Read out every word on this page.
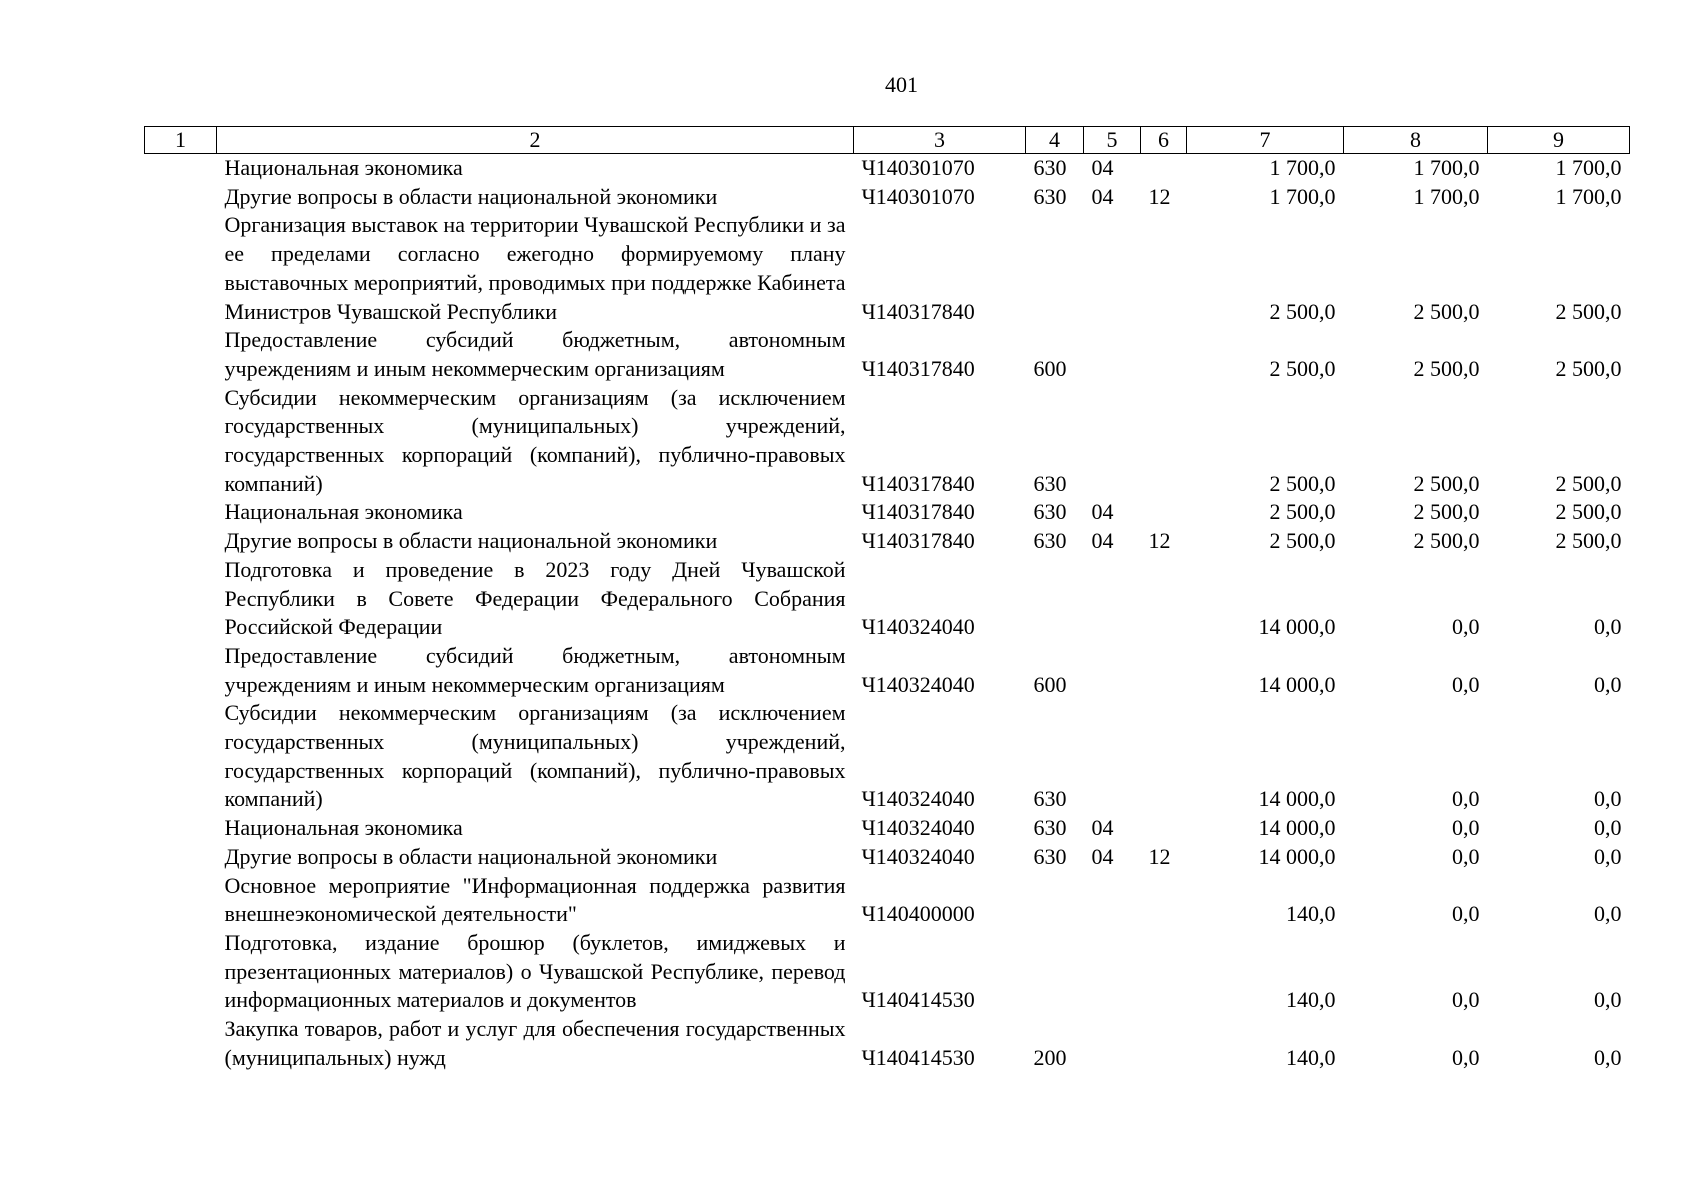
401
1	2	3	4	5	6	7	8	9
	Национальная экономика	Ч140301070	630	04		1 700,0	1 700,0	1 700,0
	Другие вопросы в области национальной экономики	Ч140301070	630	04	12	1 700,0	1 700,0	1 700,0
	Организация выставок на территории Чувашской Республики и за ее пределами согласно ежегодно формируемому плану выставочных мероприятий, проводимых при поддержке Кабинета Министров Чувашской Республики	Ч140317840				2 500,0	2 500,0	2 500,0
	Предоставление субсидий бюджетным, автономным учреждениям и иным некоммерческим организациям	Ч140317840	600			2 500,0	2 500,0	2 500,0
	Субсидии некоммерческим организациям (за исключением государственных (муниципальных) учреждений, государственных корпораций (компаний), публично-правовых компаний)	Ч140317840	630			2 500,0	2 500,0	2 500,0
	Национальная экономика	Ч140317840	630	04		2 500,0	2 500,0	2 500,0
	Другие вопросы в области национальной экономики	Ч140317840	630	04	12	2 500,0	2 500,0	2 500,0
	Подготовка и проведение в 2023 году Дней Чувашской Республики в Совете Федерации Федерального Собрания Российской Федерации	Ч140324040				14 000,0	0,0	0,0
	Предоставление субсидий бюджетным, автономным учреждениям и иным некоммерческим организациям	Ч140324040	600			14 000,0	0,0	0,0
	Субсидии некоммерческим организациям (за исключением государственных (муниципальных) учреждений, государственных корпораций (компаний), публично-правовых компаний)	Ч140324040	630			14 000,0	0,0	0,0
	Национальная экономика	Ч140324040	630	04		14 000,0	0,0	0,0
	Другие вопросы в области национальной экономики	Ч140324040	630	04	12	14 000,0	0,0	0,0
	Основное мероприятие "Информационная поддержка развития внешнеэкономической деятельности"	Ч140400000				140,0	0,0	0,0
	Подготовка, издание брошюр (буклетов, имиджевых и презентационных материалов) о Чувашской Республике, перевод информационных материалов и документов	Ч140414530				140,0	0,0	0,0
	Закупка товаров, работ и услуг для обеспечения государственных (муниципальных) нужд	Ч140414530	200			140,0	0,0	0,0
